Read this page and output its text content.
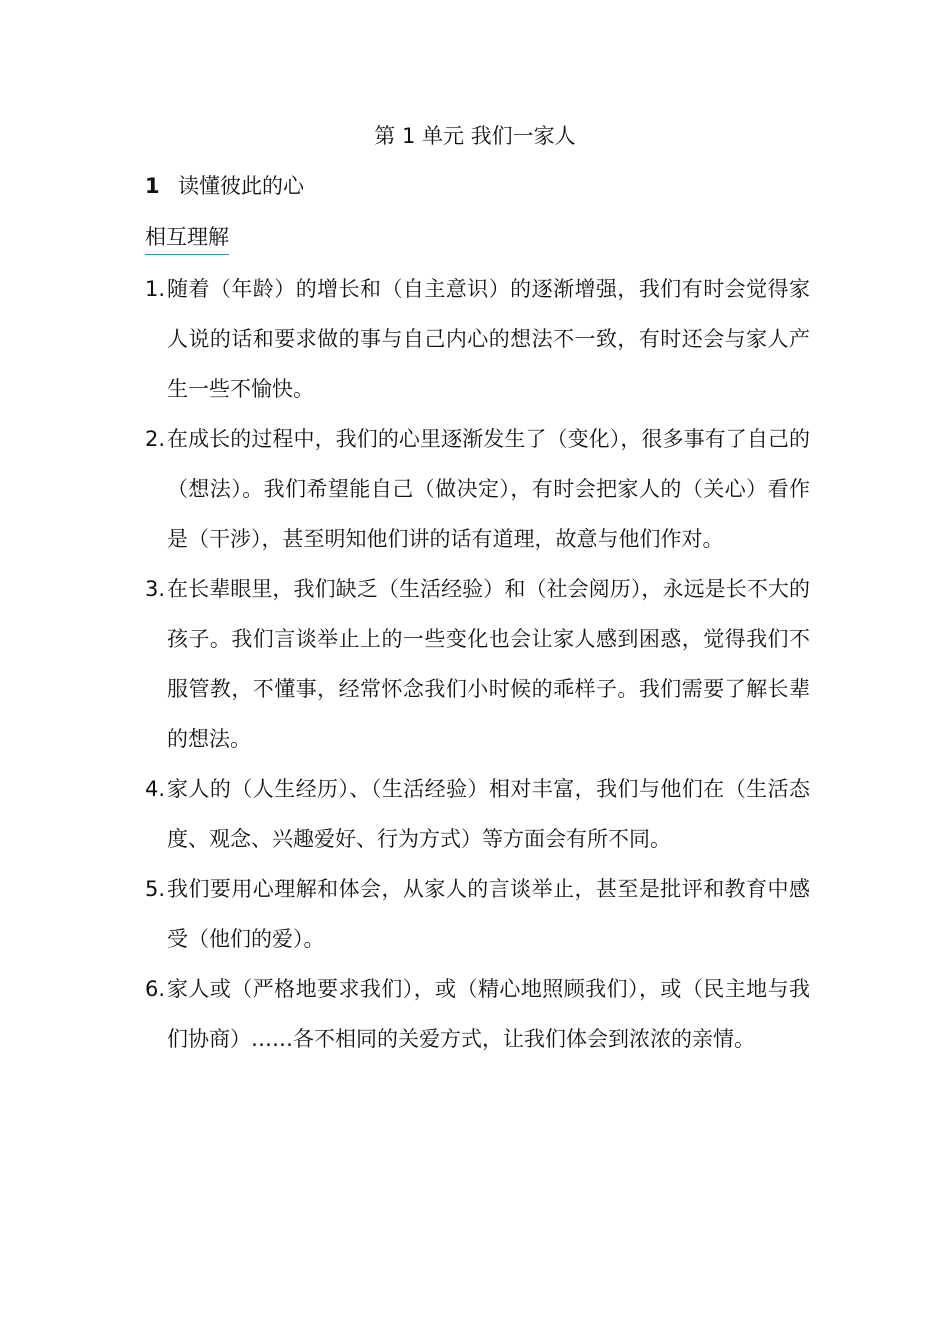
第 1 单元 我们一家人
1 读懂彼此的心
相互理解
1. 随着（年龄）的增长和（自主意识）的逐渐增强，我们有时会觉得家人说的话和要求做的事与自己内心的想法不一致，有时还会与家人产生一些不愉快。
2. 在成长的过程中，我们的心里逐渐发生了（变化），很多事有了自己的（想法）。我们希望能自己（做决定），有时会把家人的（关心）看作是（干涉），甚至明知他们讲的话有道理，故意与他们作对。
3. 在长辈眼里，我们缺乏（生活经验）和（社会阅历），永远是长不大的孩子。我们言谈举止上的一些变化也会让家人感到困惑，觉得我们不服管教，不懂事，经常怀念我们小时候的乖样子。我们需要了解长辈的想法。
4. 家人的（人生经历）、（生活经验）相对丰富，我们与他们在（生活态度、观念、兴趣爱好、行为方式）等方面会有所不同。
5. 我们要用心理解和体会，从家人的言谈举止，甚至是批评和教育中感受（他们的爱）。
6. 家人或（严格地要求我们），或（精心地照顾我们），或（民主地与我们协商）……各不相同的关爱方式，让我们体会到浓浓的亲情。
